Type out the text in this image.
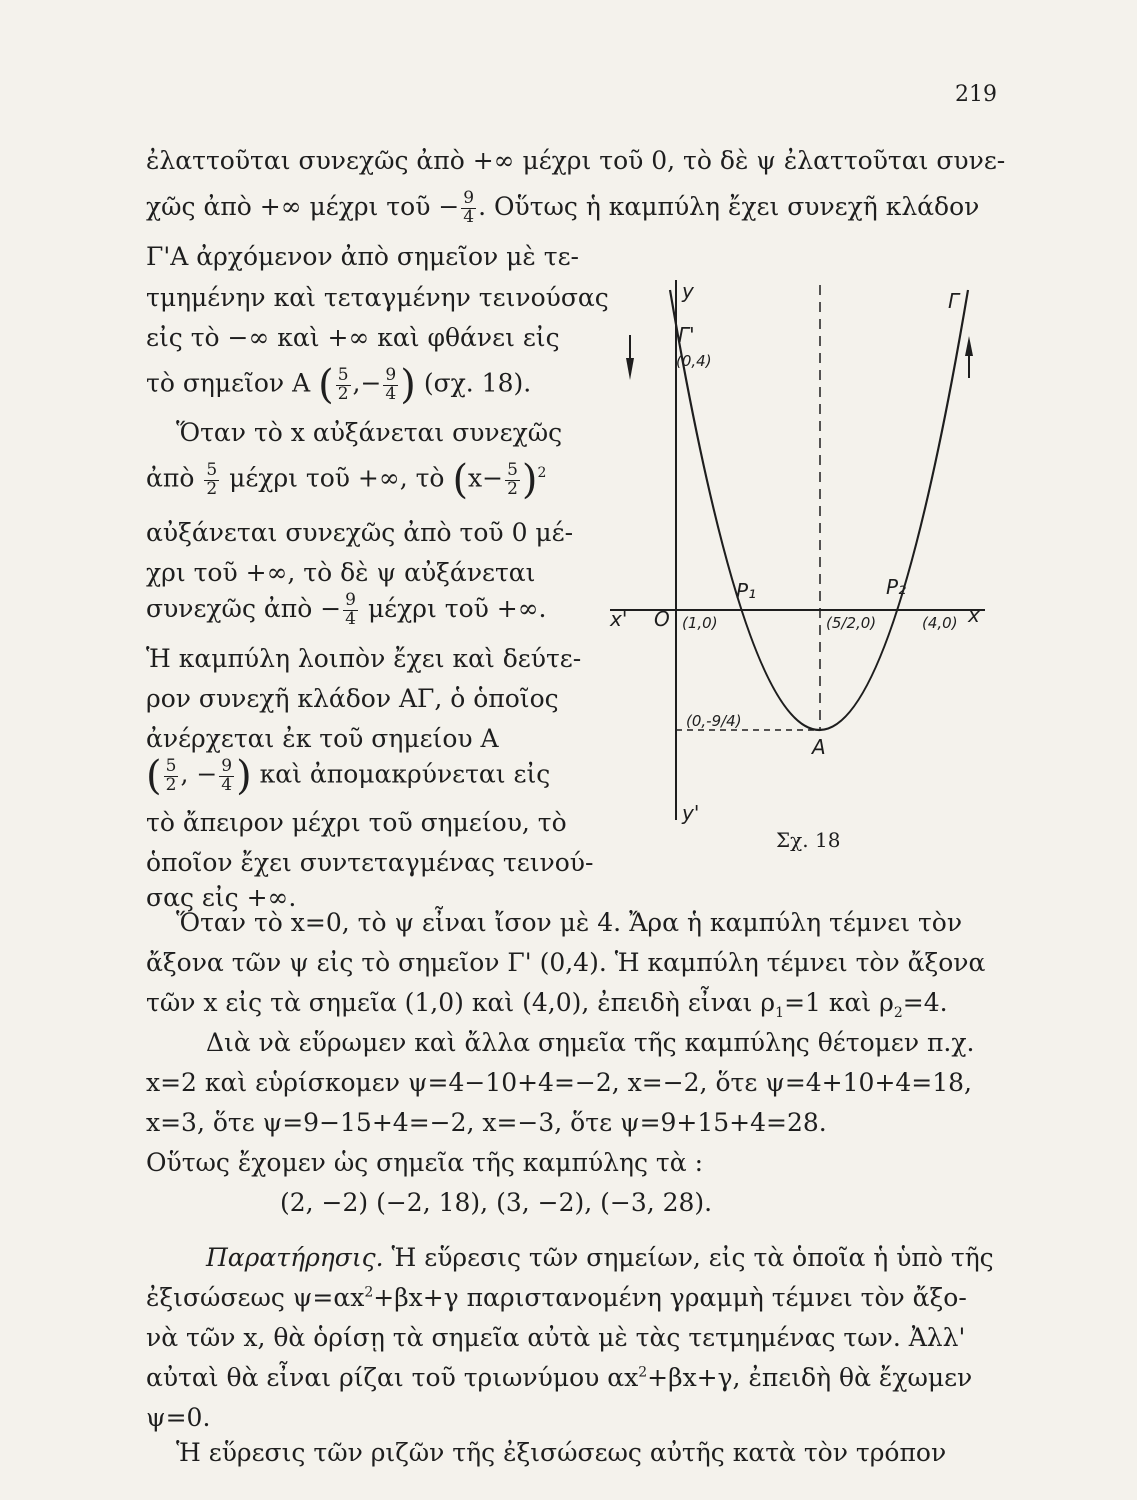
219
ἐλαττοῦται συνεχῶς ἀπὸ +∞ μέχρι τοῦ 0, τὸ δὲ ψ ἐλαττοῦται συνε-
χῶς ἀπὸ +∞ μέχρι τοῦ − $\frac{9}{4}$ . Οὕτως ἡ καμπύλη ἔχει συνεχῆ κλάδον
Γ'Α ἀρχόμενον ἀπὸ σημεῖον μὲ τε-
τμημένην καὶ τεταγμένην τεινούσας
εἰς τὸ −∞ καὶ +∞ καὶ φθάνει εἰς
τὸ σημεῖον Α ( $\frac{5}{2}$ ,− $\frac{9}{4}$ ) (σχ. 18).
Ὅταν τὸ x αὐξάνεται συνεχῶς
ἀπὸ $\frac{5}{2}$ μέχρι τοῦ +∞, τὸ $(x- \frac{5}{2} )^2$
αὐξάνεται συνεχῶς ἀπὸ τοῦ 0 μέ-
χρι τοῦ +∞, τὸ δὲ ψ αὐξάνεται
συνεχῶς ἀπὸ − $\frac{9}{4}$ μέχρι τοῦ +∞.
Ἡ καμπύλη λοιπὸν ἔχει καὶ δεύτε-
ρον συνεχῆ κλάδον ΑΓ, ὁ ὁποῖος
ἀνέρχεται ἐκ τοῦ σημείου Α
( $\frac{5}{2}$ , − $\frac{9}{4}$ ) καὶ ἀπομακρύνεται εἰς
τὸ ἄπειρον μέχρι τοῦ σημείου, τὸ
ὁποῖον ἔχει συντεταγμένας τεινού-
σας εἰς +∞.
Ὅταν τὸ x=0, τὸ ψ εἶναι ἴσον μὲ 4. Ἄρα ἡ καμπύλη τέμνει τὸν
ἄξονα τῶν ψ εἰς τὸ σημεῖον Γ' (0,4). Ἡ καμπύλη τέμνει τὸν ἄξονα
τῶν x εἰς τὰ σημεῖα (1,0) καὶ (4,0), ἐπειδὴ εἶναι $\rho_1=1$ καὶ $\rho_2=4$.
Διὰ νὰ εὕρωμεν καὶ ἄλλα σημεῖα τῆς καμπύλης θέτομεν π.χ.
x=2 καὶ εὑρίσκομεν ψ=4−10+4=−2, x=−2, ὅτε ψ=4+10+4=18,
x=3, ὅτε ψ=9−15+4=−2, x=−3, ὅτε ψ=9+15+4=28.
Οὕτως ἔχομεν ὡς σημεῖα τῆς καμπύλης τὰ :
(2, −2) (−2, 18), (3, −2), (−3, 28).
Παρατήρησις. Ἡ εὕρεσις τῶν σημείων, εἰς τὰ ὁποῖα ἡ ὑπὸ τῆς
ἐξισώσεως $\psi=\alpha x^2+\beta x+\gamma$ παριστανομένη γραμμὴ τέμνει τὸν ἄξο-
νὰ τῶν x, θὰ ὁρίσῃ τὰ σημεῖα αὐτὰ μὲ τὰς τετμημένας των. Ἀλλ'
αὐταὶ θὰ εἶναι ρίζαι τοῦ τριωνύμου $\alpha x^2+\beta x+\gamma$, ἐπειδὴ θὰ ἔχωμεν
ψ=0.
Ἡ εὕρεσις τῶν ριζῶν τῆς ἐξισώσεως αὐτῆς κατὰ τὸν τρόπον
y
y'
x
x' O
Γ
Γ'
P₁	P₂
A
(0,4)
(1,0)	(5/2,0)	(4,0)
(0,-9/4)
Σχ. 18
